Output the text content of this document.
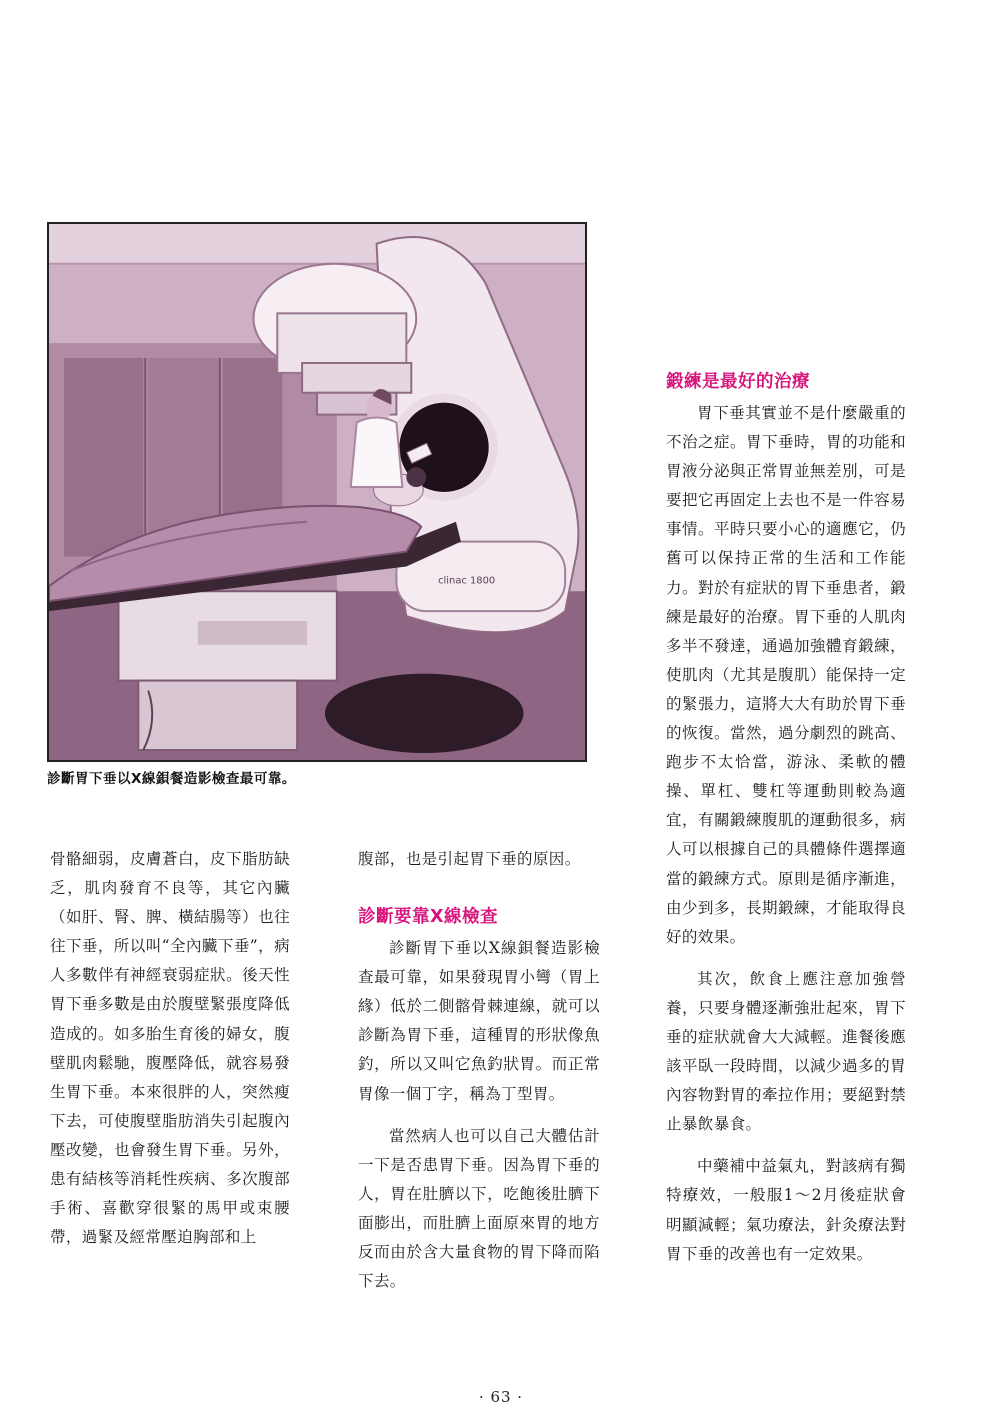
clinac 1800
診斷胃下垂以X線鋇餐造影檢查最可靠。

骨骼細弱，皮膚蒼白，皮下脂肪缺乏，肌肉發育不良等，其它內臟（如肝、腎、脾、橫結腸等）也往往下垂，所以叫“全內臟下垂”，病人多數伴有神經衰弱症狀。後天性胃下垂多數是由於腹壁緊張度降低造成的。如多胎生育後的婦女，腹壁肌肉鬆馳，腹壓降低，就容易發生胃下垂。本來很胖的人，突然瘦下去，可使腹壁脂肪消失引起腹內壓改變，也會發生胃下垂。另外，患有結核等消耗性疾病、多次腹部手術、喜歡穿很緊的馬甲或束腰帶，過緊及經常壓迫胸部和上

腹部，也是引起胃下垂的原因。

診斷要靠X線檢查

診斷胃下垂以X線鋇餐造影檢查最可靠，如果發現胃小彎（胃上緣）低於二側髂骨棘連線，就可以診斷為胃下垂，這種胃的形狀像魚釣，所以又叫它魚釣狀胃。而正常胃像一個丁字，稱為丁型胃。

當然病人也可以自己大體估計一下是否患胃下垂。因為胃下垂的人，胃在肚臍以下，吃飽後肚臍下面膨出，而肚臍上面原來胃的地方反而由於含大量食物的胃下降而陷下去。

鍛練是最好的治療

胃下垂其實並不是什麼嚴重的不治之症。胃下垂時，胃的功能和胃液分泌與正常胃並無差別，可是要把它再固定上去也不是一件容易事情。平時只要小心的適應它，仍舊可以保持正常的生活和工作能力。對於有症狀的胃下垂患者，鍛練是最好的治療。胃下垂的人肌肉多半不發達，通過加強體育鍛練，使肌肉（尤其是腹肌）能保持一定的緊張力，這將大大有助於胃下垂的恢復。當然，過分劇烈的跳高、跑步不太恰當，游泳、柔軟的體操、單杠、雙杠等運動則較為適宜，有關鍛練腹肌的運動很多，病人可以根據自己的具體條件選擇適當的鍛練方式。原則是循序漸進，由少到多，長期鍛練，才能取得良好的效果。

其次，飲食上應注意加強營養，只要身體逐漸強壯起來，胃下垂的症狀就會大大減輕。進餐後應該平臥一段時間，以減少過多的胃內容物對胃的牽拉作用；要絕對禁止暴飲暴食。

中藥補中益氣丸，對該病有獨特療效，一般服1～2月後症狀會明顯減輕；氣功療法，針灸療法對胃下垂的改善也有一定效果。

· 63 ·
